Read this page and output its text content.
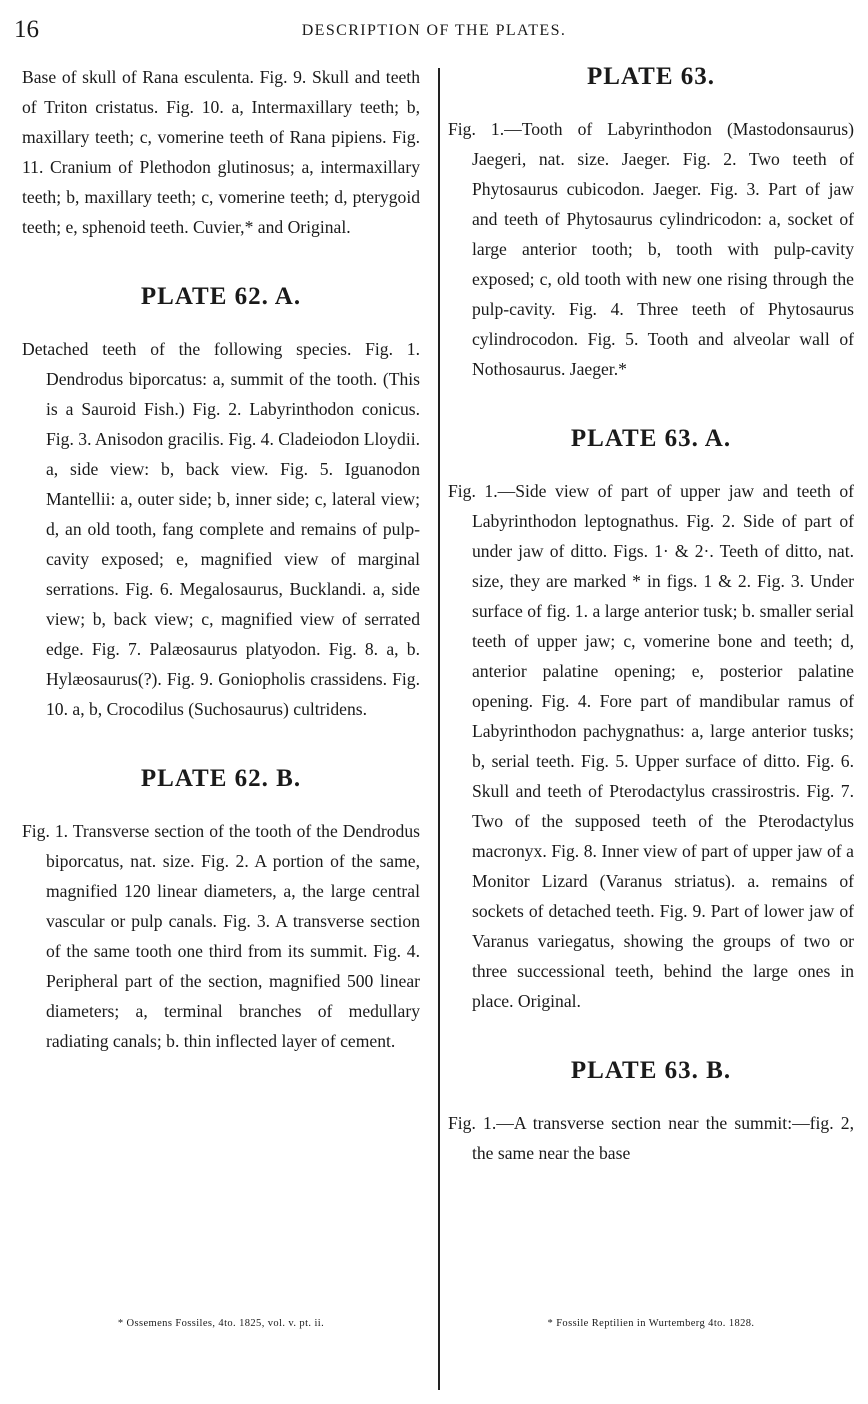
16	DESCRIPTION OF THE PLATES.

Base of skull of Rana esculenta. Fig. 9. Skull and teeth of Triton cristatus. Fig. 10. a, Intermaxillary teeth; b, maxillary teeth; c, vomerine teeth of Rana pipiens. Fig. 11. Cranium of Plethodon glutinosus; a, intermaxillary teeth; b, maxillary teeth; c, vomerine teeth; d, pterygoid teeth; e, sphenoid teeth. Cuvier,* and Original.

PLATE 62. A.

Detached teeth of the following species. Fig. 1. Dendrodus biporcatus: a, summit of the tooth. (This is a Sauroid Fish.) Fig. 2. Labyrinthodon conicus. Fig. 3. Anisodon gracilis. Fig. 4. Cladeiodon Lloydii. a, side view: b, back view. Fig. 5. Iguanodon Mantellii: a, outer side; b, inner side; c, lateral view; d, an old tooth, fang complete and remains of pulp-cavity exposed; e, magnified view of marginal serrations. Fig. 6. Megalosaurus, Bucklandi. a, side view; b, back view; c, magnified view of serrated edge. Fig. 7. Palæosaurus platyodon. Fig. 8. a, b. Hylæosaurus(?). Fig. 9. Goniopholis crassidens. Fig. 10. a, b, Crocodilus (Suchosaurus) cultridens.

PLATE 62. B.

Fig. 1. Transverse section of the tooth of the Dendrodus biporcatus, nat. size. Fig. 2. A portion of the same, magnified 120 linear diameters, a, the large central vascular or pulp canals. Fig. 3. A transverse section of the same tooth one third from its summit. Fig. 4. Peripheral part of the section, magnified 500 linear diameters; a, terminal branches of medullary radiating canals; b. thin inflected layer of cement.

PLATE 63.

Fig. 1.—Tooth of Labyrinthodon (Mastodonsaurus) Jaegeri, nat. size. Jaeger. Fig. 2. Two teeth of Phytosaurus cubicodon. Jaeger. Fig. 3. Part of jaw and teeth of Phytosaurus cylindricodon: a, socket of large anterior tooth; b, tooth with pulp-cavity exposed; c, old tooth with new one rising through the pulp-cavity. Fig. 4. Three teeth of Phytosaurus cylindrocodon. Fig. 5. Tooth and alveolar wall of Nothosaurus. Jaeger.*

PLATE 63. A.

Fig. 1.—Side view of part of upper jaw and teeth of Labyrinthodon leptognathus. Fig. 2. Side of part of under jaw of ditto. Figs. 1· & 2·. Teeth of ditto, nat. size, they are marked * in figs. 1 & 2. Fig. 3. Under surface of fig. 1. a large anterior tusk; b. smaller serial teeth of upper jaw; c, vomerine bone and teeth; d, anterior palatine opening; e, posterior palatine opening. Fig. 4. Fore part of mandibular ramus of Labyrinthodon pachygnathus: a, large anterior tusks; b, serial teeth. Fig. 5. Upper surface of ditto. Fig. 6. Skull and teeth of Pterodactylus crassirostris. Fig. 7. Two of the supposed teeth of the Pterodactylus macronyx. Fig. 8. Inner view of part of upper jaw of a Monitor Lizard (Varanus striatus). a. remains of sockets of detached teeth. Fig. 9. Part of lower jaw of Varanus variegatus, showing the groups of two or three successional teeth, behind the large ones in place. Original.

PLATE 63. B.

Fig. 1.—A transverse section near the summit:—fig. 2, the same near the base

* Ossemens Fossiles, 4to. 1825, vol. v. pt. ii.	* Fossile Reptilien in Wurtemberg 4to. 1828.
